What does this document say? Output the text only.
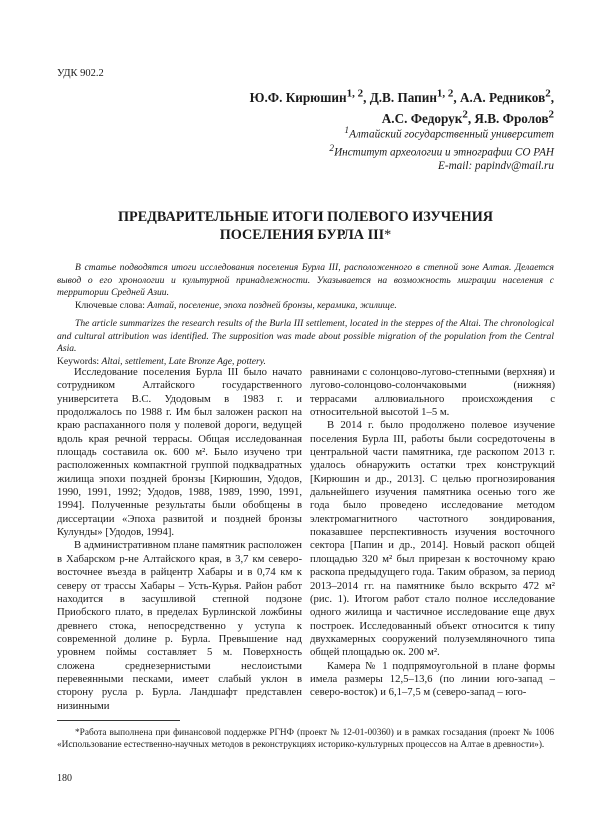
УДК 902.2
Ю.Ф. Кирюшин$^{1, 2}$, Д.В. Папин$^{1, 2}$, А.А. Редников$^2$,
А.С. Федорук$^2$, Я.В. Фролов$^2$
$^1$Алтайский государственный университет
$^2$Институт археологии и этнографии СО РАН
E-mail: papindv@mail.ru
ПРЕДВАРИТЕЛЬНЫЕ ИТОГИ ПОЛЕВОГО ИЗУЧЕНИЯ
ПОСЕЛЕНИЯ БУРЛА III*

В статье подводятся итоги исследования поселения Бурла III, расположенного в степной зоне Алтая. Делается вывод о его хронологии и культурной принадлежности. Указывается на возможность миграции населения с территории Средней Азии.

Ключевые слова: Алтай, поселение, эпоха поздней бронзы, керамика, жилище.

The article summarizes the research results of the Burla III settlement, located in the steppes of the Altai. The chronological and cultural attribution was identified. The supposition was made about possible migration of the population from the Central Asia.

Keywords: Altai, settlement, Late Bronze Age, pottery.

Исследование поселения Бурла III было начато сотрудником Алтайского государственного университета В.С. Удодовым в 1983 г. и продолжалось по 1988 г. Им был заложен раскоп на краю распаханного поля у полевой дороги, ведущей вдоль края речной террасы. Общая исследованная площадь составила ок. 600 м². Было изучено три расположенных компактной группой подквадратных жилища эпохи поздней бронзы [Кирюшин, Удодов, 1990, 1991, 1992; Удодов, 1988, 1989, 1990, 1991, 1994]. Полученные результаты были обобщены в диссертации «Эпоха развитой и поздней бронзы Кулунды» [Удодов, 1994].

В административном плане памятник расположен в Хабарском р-не Алтайского края, в 3,7 км северо-восточнее въезда в райцентр Хабары и в 0,74 км к северу от трассы Хабары – Усть-Курья. Район работ находится в засушливой степной подзоне Приобского плато, в пределах Бурлинской ложбины древнего стока, непосредственно у уступа к современной долине р. Бурла. Превышение над уровнем поймы составляет 5 м. Поверхность сложена среднезернистыми неслоистыми перевеянными песками, имеет слабый уклон в сторону русла р. Бурла. Ландшафт представлен низинными

равнинами с солонцово-лугово-степными (верхняя) и лугово-солонцово-солончаковыми (нижняя) террасами аллювиального происхождения с относительной высотой 1–5 м.

В 2014 г. было продолжено полевое изучение поселения Бурла III, работы были сосредоточены в центральной части памятника, где раскопом 2013 г. удалось обнаружить остатки трех конструкций [Кирюшин и др., 2013]. С целью прогнозирования дальнейшего изучения памятника осенью того же года было проведено исследование методом электромагнитного частотного зондирования, показавшее перспективность изучения восточного сектора [Папин и др., 2014]. Новый раскоп общей площадью 320 м² был прирезан к восточному краю раскопа предыдущего года. Таким образом, за период 2013–2014 гг. на памятнике было вскрыто 472 м² (рис. 1). Итогом работ стало полное исследование одного жилища и частичное исследование еще двух построек. Исследованный объект относится к типу двухкамерных сооружений полуземляночного типа общей площадью ок. 200 м².

Камера № 1 подпрямоугольной в плане формы имела размеры 12,5–13,6 (по линии юго-запад – северо-восток) и 6,1–7,5 м (северо-запад – юго-

*Работа выполнена при финансовой поддержке РГНФ (проект № 12-01-00360) и в рамках госзадания (проект № 1006 «Использование естественно-научных методов в реконструкциях историко-культурных процессов на Алтае в древности»).

180
